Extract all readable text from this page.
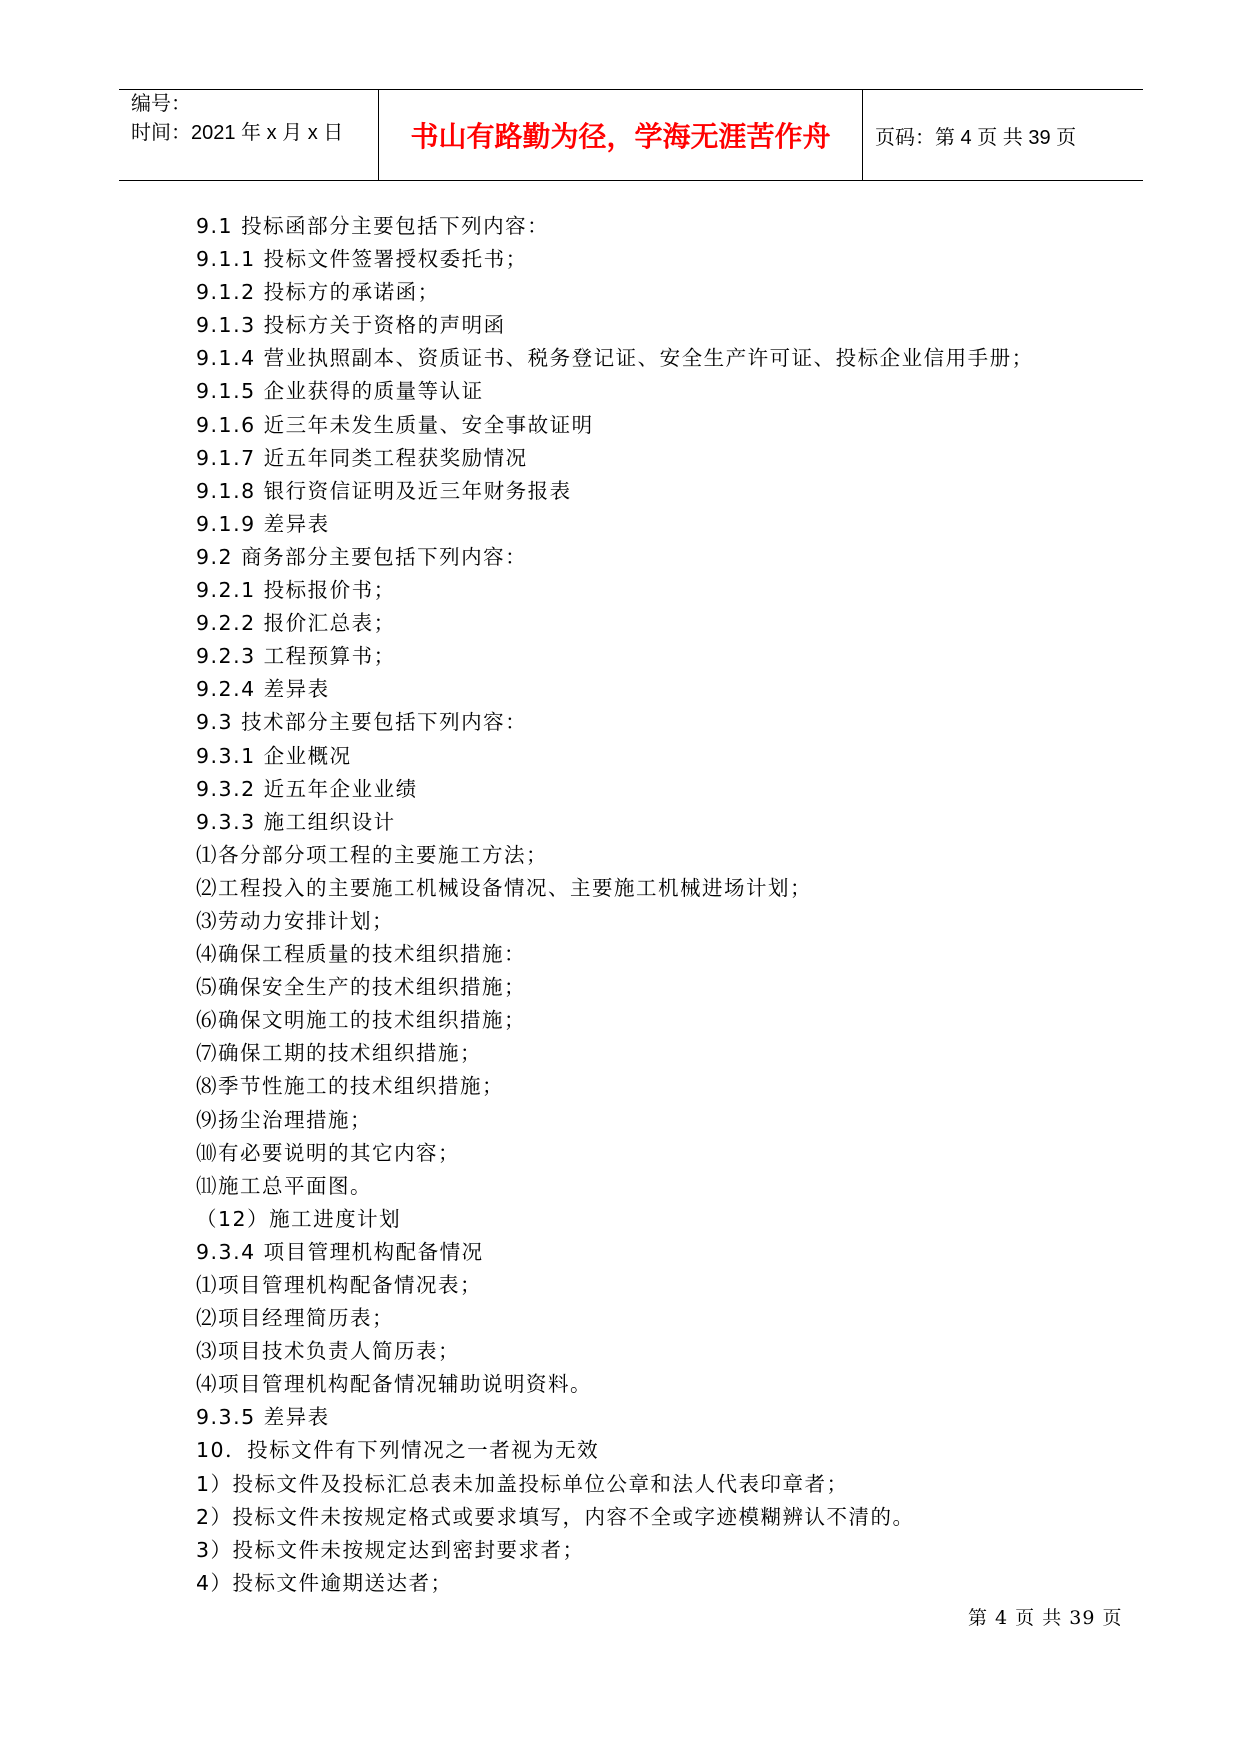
编号：
时间：2021 年 x 月 x 日 书山有路勤为径，学海无涯苦作舟 页码：第 4 页 共 39 页
9.1 投标函部分主要包括下列内容：
9.1.1 投标文件签署授权委托书；
9.1.2 投标方的承诺函；
9.1.3 投标方关于资格的声明函
9.1.4 营业执照副本、资质证书、税务登记证、安全生产许可证、投标企业信用手册；
9.1.5 企业获得的质量等认证
9.1.6 近三年未发生质量、安全事故证明
9.1.7 近五年同类工程获奖励情况
9.1.8 银行资信证明及近三年财务报表
9.1.9 差异表
9.2 商务部分主要包括下列内容：
9.2.1 投标报价书；
9.2.2 报价汇总表；
9.2.3 工程预算书；
9.2.4 差异表
9.3 技术部分主要包括下列内容：
9.3.1 企业概况
9.3.2 近五年企业业绩
9.3.3 施工组织设计
⑴各分部分项工程的主要施工方法；
⑵工程投入的主要施工机械设备情况、主要施工机械进场计划；
⑶劳动力安排计划；
⑷确保工程质量的技术组织措施：
⑸确保安全生产的技术组织措施；
⑹确保文明施工的技术组织措施；
⑺确保工期的技术组织措施；
⑻季节性施工的技术组织措施；
⑼扬尘治理措施；
⑽有必要说明的其它内容；
⑾施工总平面图。
（12）施工进度计划
9.3.4 项目管理机构配备情况
⑴项目管理机构配备情况表；
⑵项目经理简历表；
⑶项目技术负责人简历表；
⑷项目管理机构配备情况辅助说明资料。
9.3.5 差异表
10．投标文件有下列情况之一者视为无效
1）投标文件及投标汇总表未加盖投标单位公章和法人代表印章者；
2）投标文件未按规定格式或要求填写，内容不全或字迹模糊辨认不清的。
3）投标文件未按规定达到密封要求者；
4）投标文件逾期送达者；
第 4 页 共 39 页
